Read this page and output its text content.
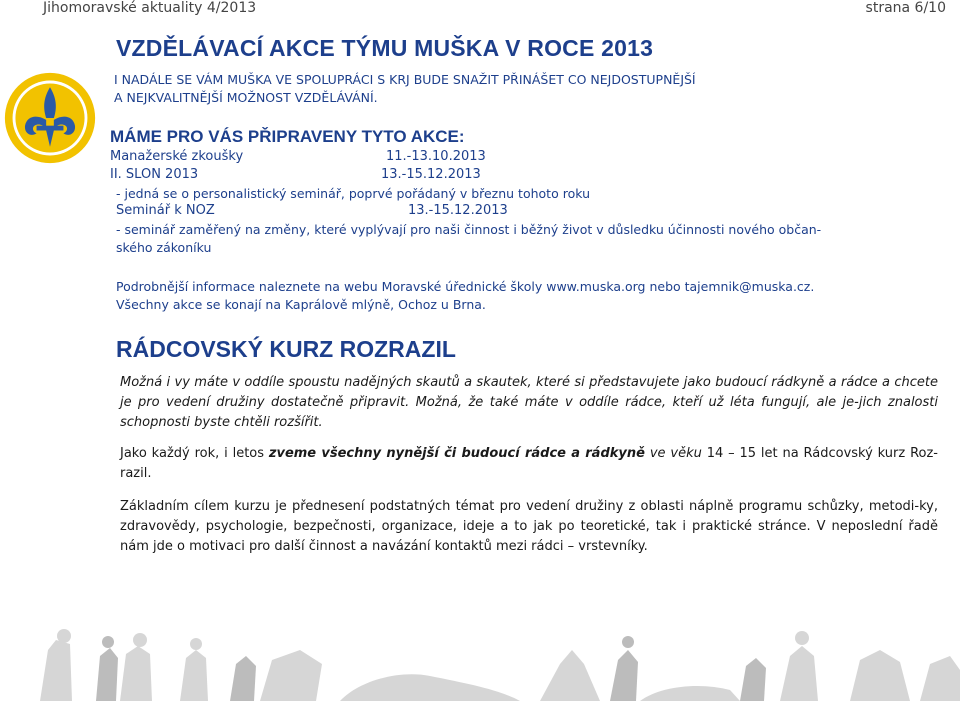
Jihomoravské aktuality 4/2013	strana 6/10
VZDĚLÁVACÍ AKCE TÝMU MUŠKA V ROCE 2013

I NADÁLE SE VÁM MUŠKA VE SPOLUPRÁCI S KRJ BUDE SNAŽIT PŘINÁŠET CO NEJDOSTUPNĚJŠÍ
A NEJKVALITNĚJŠÍ MOŽNOST VZDĚLÁVÁNÍ.

MÁME PRO VÁS PŘIPRAVENY TYTO AKCE:
Manažerské zkoušky	11.-13.10.2013
II. SLON 2013	13.-15.12.2013

- jedná se o personalistický seminář, poprvé pořádaný v březnu tohoto roku

Seminář k NOZ	13.-15.12.2013

- seminář zaměřený na změny, které vyplývají pro naši činnost i běžný život v důsledku účinnosti nového občan-
ského zákoníku

Podrobnější informace naleznete na webu Moravské úřednické školy www.muska.org nebo tajemnik@muska.cz.
Všechny akce se konají na Kaprálově mlýně, Ochoz u Brna.

RÁDCOVSKÝ KURZ ROZRAZIL

Možná i vy máte v oddíle spoustu nadějných skautů a skautek, které si představujete jako budoucí rádkyně a rádce a chcete je pro vedení družiny dostatečně připravit. Možná, že také máte v oddíle rádce, kteří už léta fungují, ale je-jich znalosti schopnosti byste chtěli rozšířit.

Jako každý rok, i letos zveme všechny nynější či budoucí rádce a rádkyně ve věku 14 – 15 let na Rádcovský kurz Roz-razil.

Základním cílem kurzu je přednesení podstatných témat pro vedení družiny z oblasti náplně programu schůzky, metodi-ky, zdravovědy, psychologie, bezpečnosti, organizace, ideje a to jak po teoretické, tak i praktické stránce. V neposlední řadě nám jde o motivaci pro další činnost a navázání kontaktů mezi rádci – vrstevníky.
